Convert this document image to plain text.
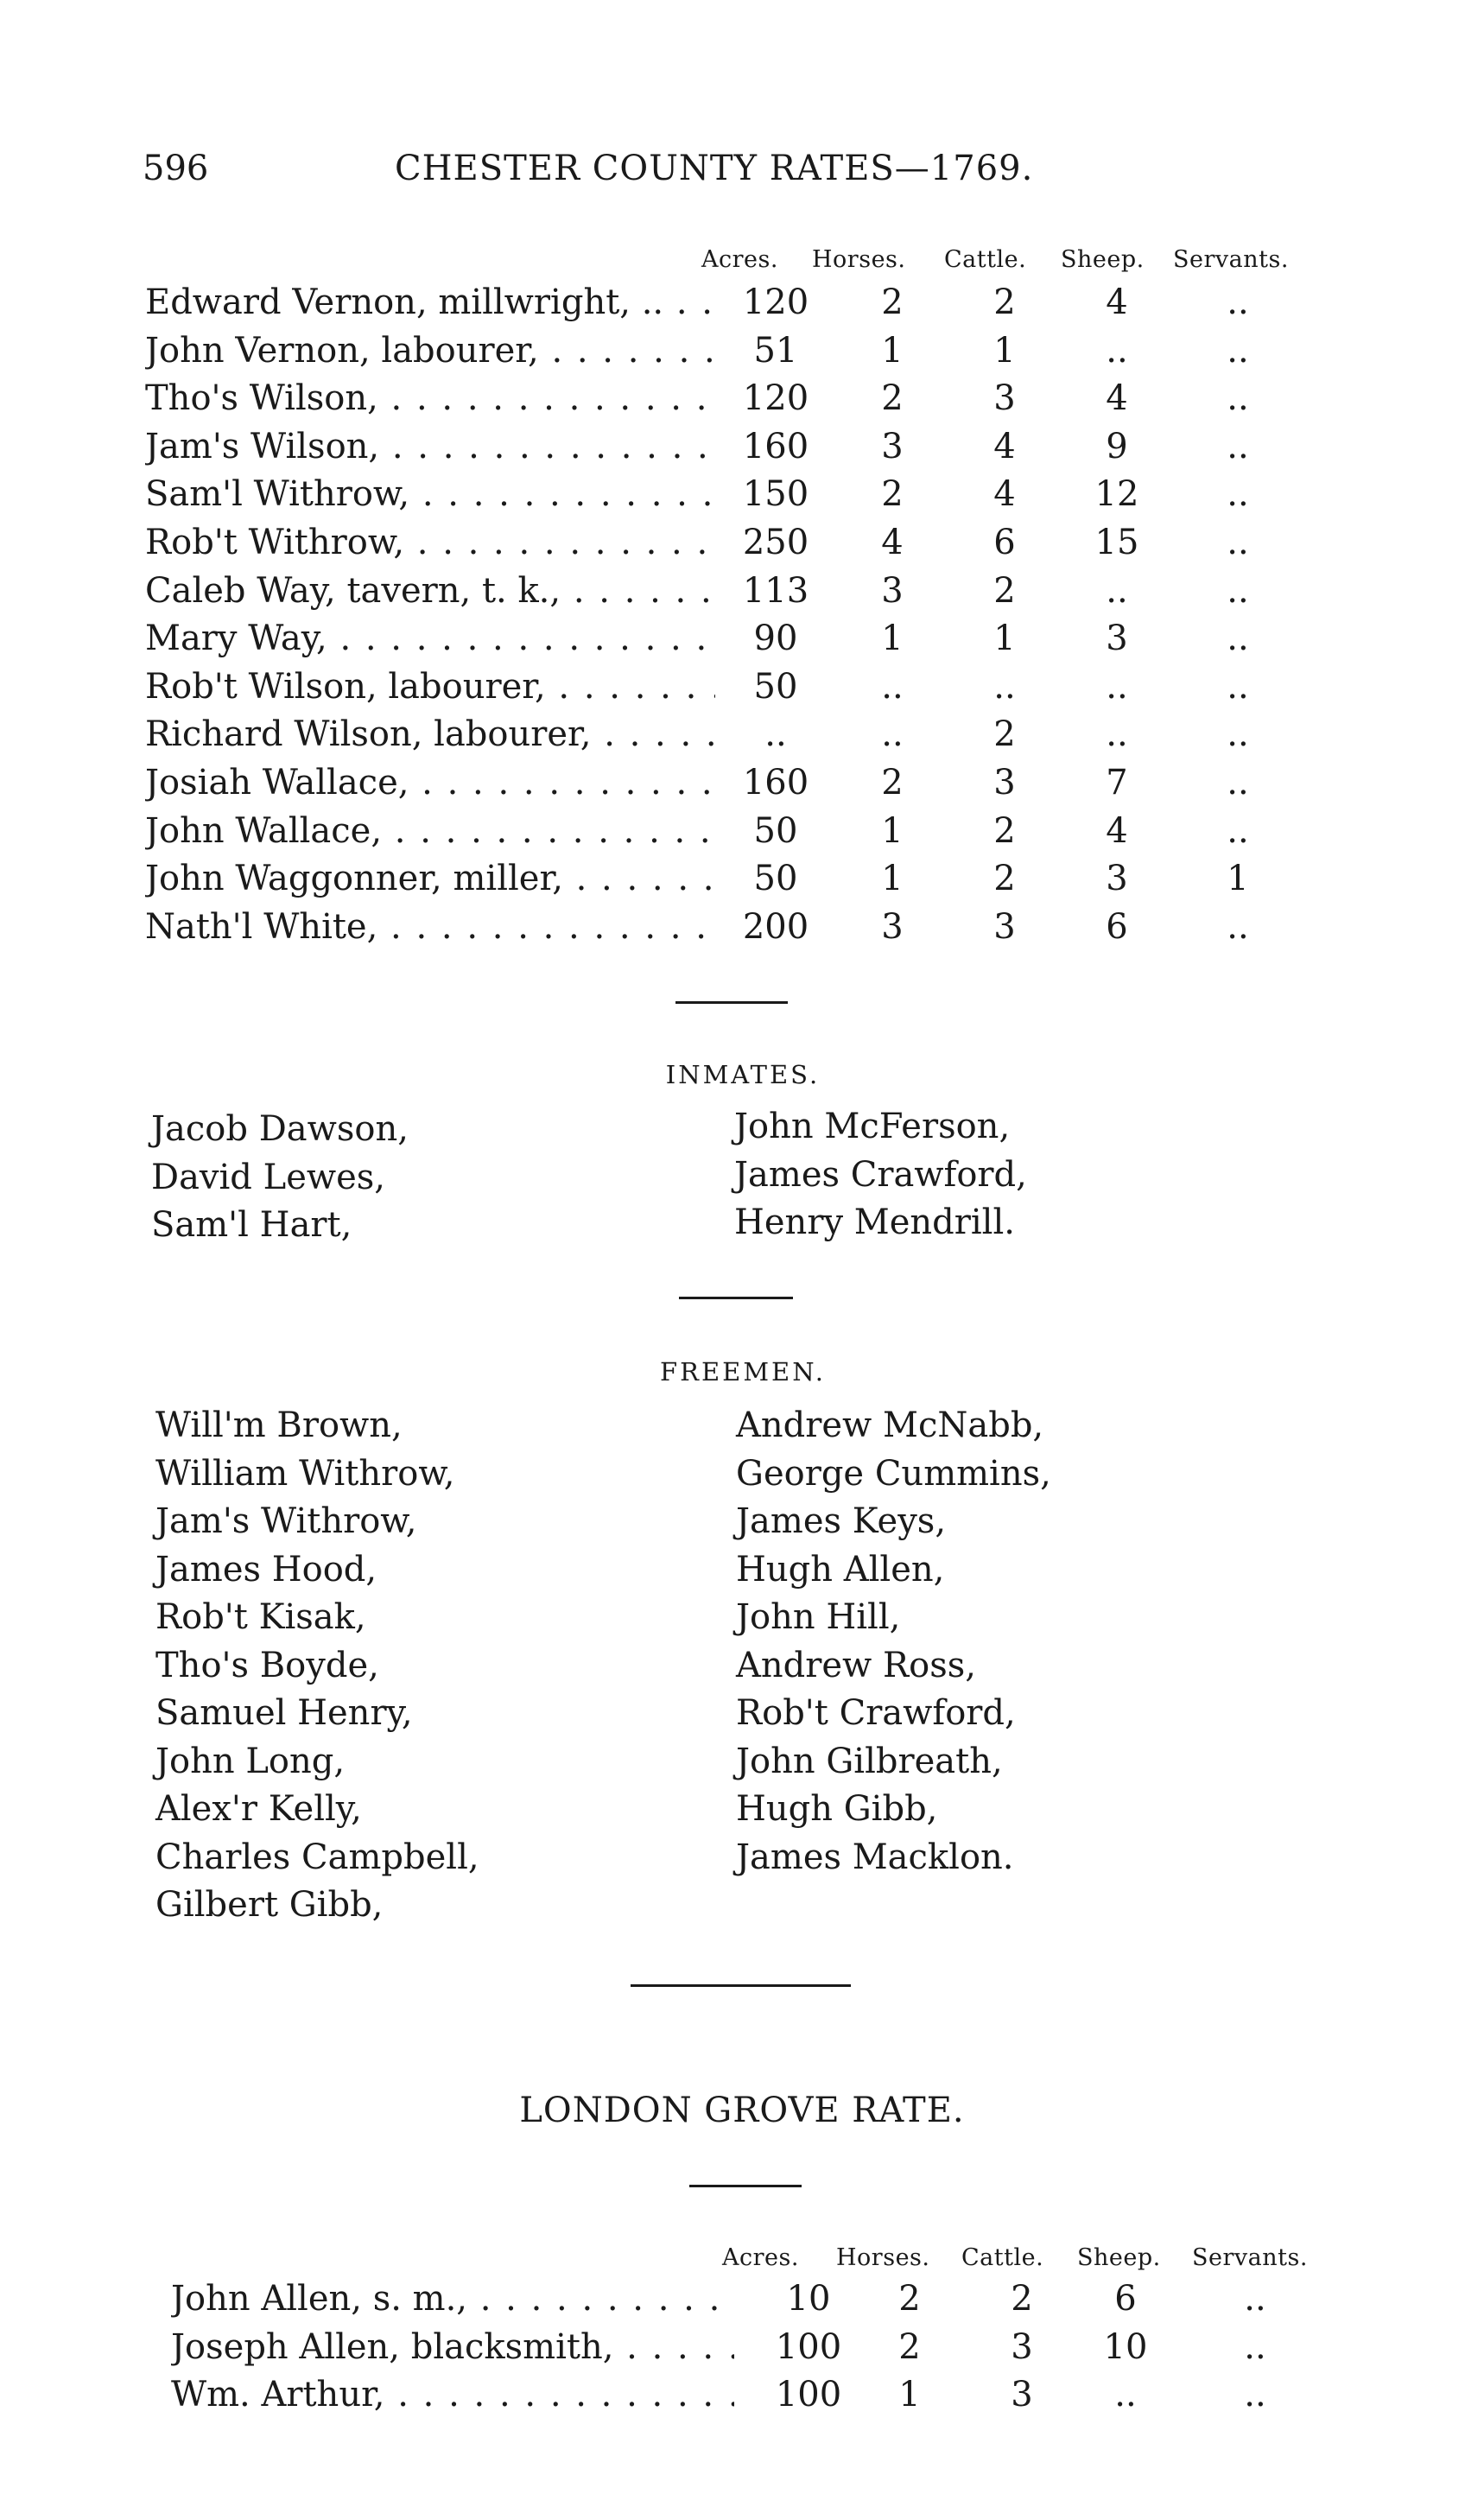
596	CHESTER COUNTY RATES—1769.
Acres. Horses. Cattle. Sheep. Servants.
Edward Vernon, millwright, .. . . .	120	2	2	4	..
John Vernon, labourer, . . .	51	1	1	..	..
Tho's Wilson, . . .	120	2	3	4	..
Jam's Wilson, . . .	160	3	4	9	..
Sam'l Withrow, . . .	150	2	4	12	..
Rob't Withrow, . . .	250	4	6	15	..
Caleb Way, tavern, t. k., . . .	113	3	2	..	..
Mary Way, . . .	90	1	1	3	..
Rob't Wilson, labourer, . . .	50	..	..	..	..
Richard Wilson, labourer, . . .	..	..	2	..	..
Josiah Wallace, . . .	160	2	3	7	..
John Wallace, . . .	50	1	2	4	..
John Waggonner, miller, . . .	50	1	2	3	1
Nath'l White, . . .	200	3	3	6	..
INMATES.
Jacob Dawson,
David Lewes,
Sam'l Hart,
John McFerson,
James Crawford,
Henry Mendrill.
FREEMEN.
Will'm Brown,
William Withrow,
Jam's Withrow,
James Hood,
Rob't Kisak,
Tho's Boyde,
Samuel Henry,
John Long,
Alex'r Kelly,
Charles Campbell,
Gilbert Gibb,
Andrew McNabb,
George Cummins,
James Keys,
Hugh Allen,
John Hill,
Andrew Ross,
Rob't Crawford,
John Gilbreath,
Hugh Gibb,
James Macklon.
LONDON GROVE RATE.
Acres. Horses. Cattle. Sheep. Servants.
John Allen, s. m., . . .	10	2	2	6	..
Joseph Allen, blacksmith, . . .	100	2	3	10	..
Wm. Arthur, . . .	100	1	3	..	..
